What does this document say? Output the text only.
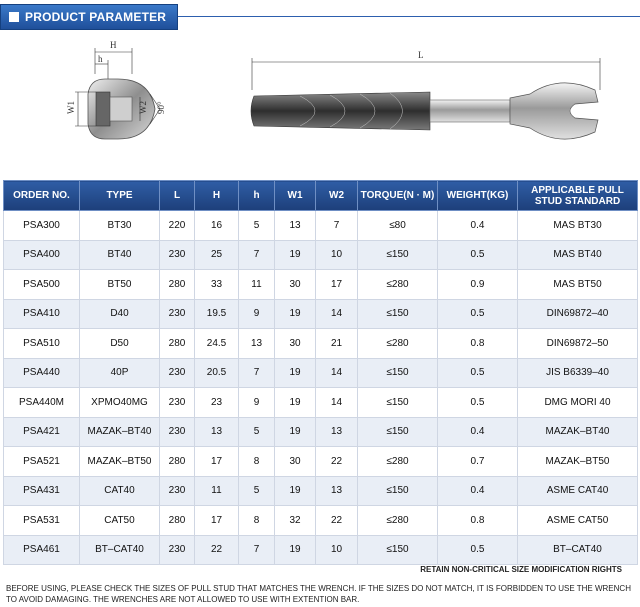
PRODUCT PARAMETER
H
h
W1	W2 90°
L
ORDER NO.	TYPE	L	H	h	W1	W2	TORQUE(N · M)	WEIGHT(KG)	APPLICABLE PULL STUD STANDARD
PSA300	BT30	220	16	5	13	7	≤80	0.4	MAS BT30
PSA400	BT40	230	25	7	19	10	≤150	0.5	MAS BT40
PSA500	BT50	280	33	11	30	17	≤280	0.9	MAS BT50
PSA410	D40	230	19.5	9	19	14	≤150	0.5	DIN69872–40
PSA510	D50	280	24.5	13	30	21	≤280	0.8	DIN69872–50
PSA440	40P	230	20.5	7	19	14	≤150	0.5	JIS B6339–40
PSA440M	XPMO40MG	230	23	9	19	14	≤150	0.5	DMG MORI 40
PSA421	MAZAK–BT40	230	13	5	19	13	≤150	0.4	MAZAK–BT40
PSA521	MAZAK–BT50	280	17	8	30	22	≤280	0.7	MAZAK–BT50
PSA431	CAT40	230	11	5	19	13	≤150	0.4	ASME CAT40
PSA531	CAT50	280	17	8	32	22	≤280	0.8	ASME CAT50
PSA461	BT–CAT40	230	22	7	19	10	≤150	0.5	BT–CAT40
RETAIN NON-CRITICAL SIZE MODIFICATION RIGHTS
BEFORE USING, PLEASE CHECK THE SIZES OF PULL STUD THAT MATCHES THE WRENCH. IF THE SIZES DO NOT MATCH, IT IS FORBIDDEN TO USE THE WRENCH TO AVOID DAMAGING. THE WRENCHES ARE NOT ALLOWED TO USE WITH EXTENTION BAR.
